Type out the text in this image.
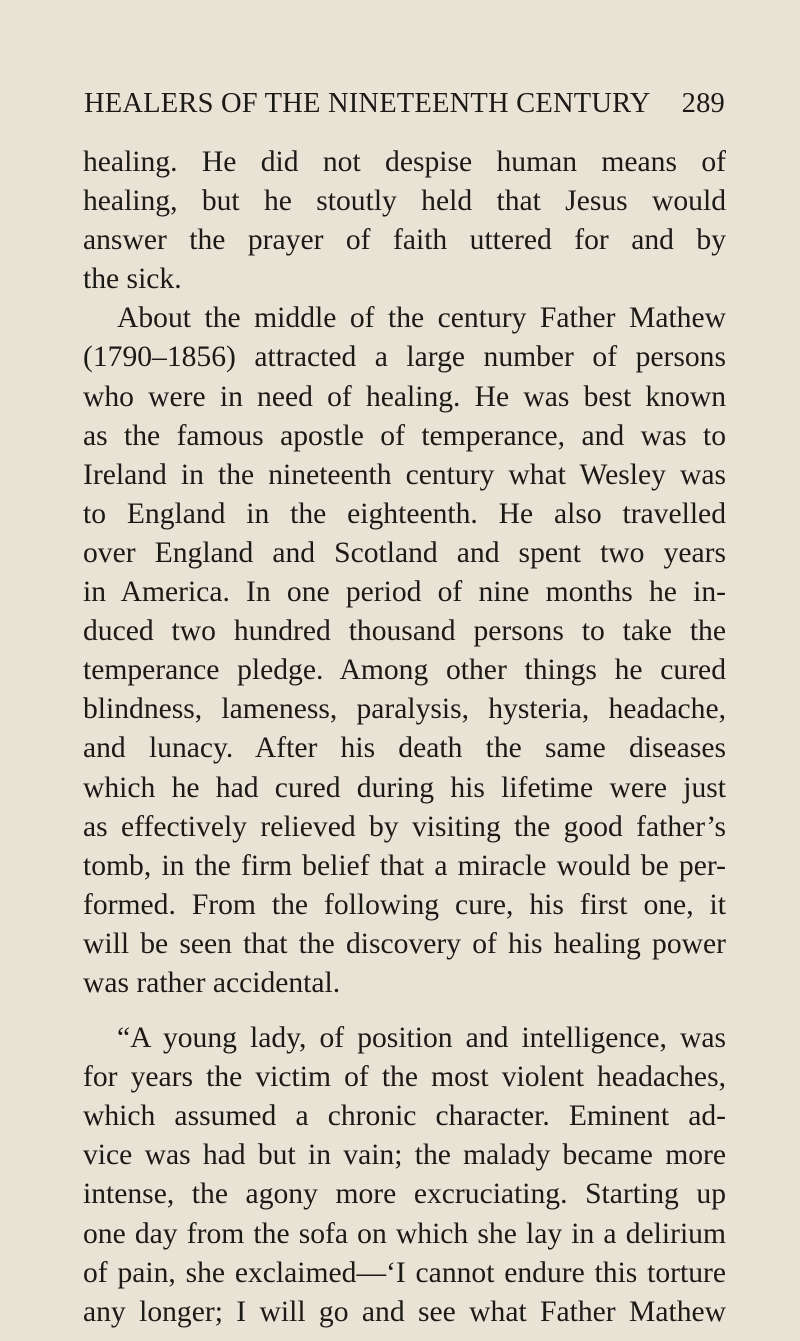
HEALERS OF THE NINETEENTH CENTURY 289
healing. He did not despise human means of
healing, but he stoutly held that Jesus would
answer the prayer of faith uttered for and by
the sick.
About the middle of the century Father Mathew
(1790–1856) attracted a large number of persons
who were in need of healing. He was best known
as the famous apostle of temperance, and was to
Ireland in the nineteenth century what Wesley was
to England in the eighteenth. He also travelled
over England and Scotland and spent two years
in America. In one period of nine months he in-
duced two hundred thousand persons to take the
temperance pledge. Among other things he cured
blindness, lameness, paralysis, hysteria, headache,
and lunacy. After his death the same diseases
which he had cured during his lifetime were just
as effectively relieved by visiting the good father’s
tomb, in the firm belief that a miracle would be per-
formed. From the following cure, his first one, it
will be seen that the discovery of his healing power
was rather accidental.
“A young lady, of position and intelligence, was
for years the victim of the most violent headaches,
which assumed a chronic character. Eminent ad-
vice was had but in vain; the malady became more
intense, the agony more excruciating. Starting up
one day from the sofa on which she lay in a delirium
of pain, she exclaimed—‘I cannot endure this torture
any longer; I will go and see what Father Mathew
